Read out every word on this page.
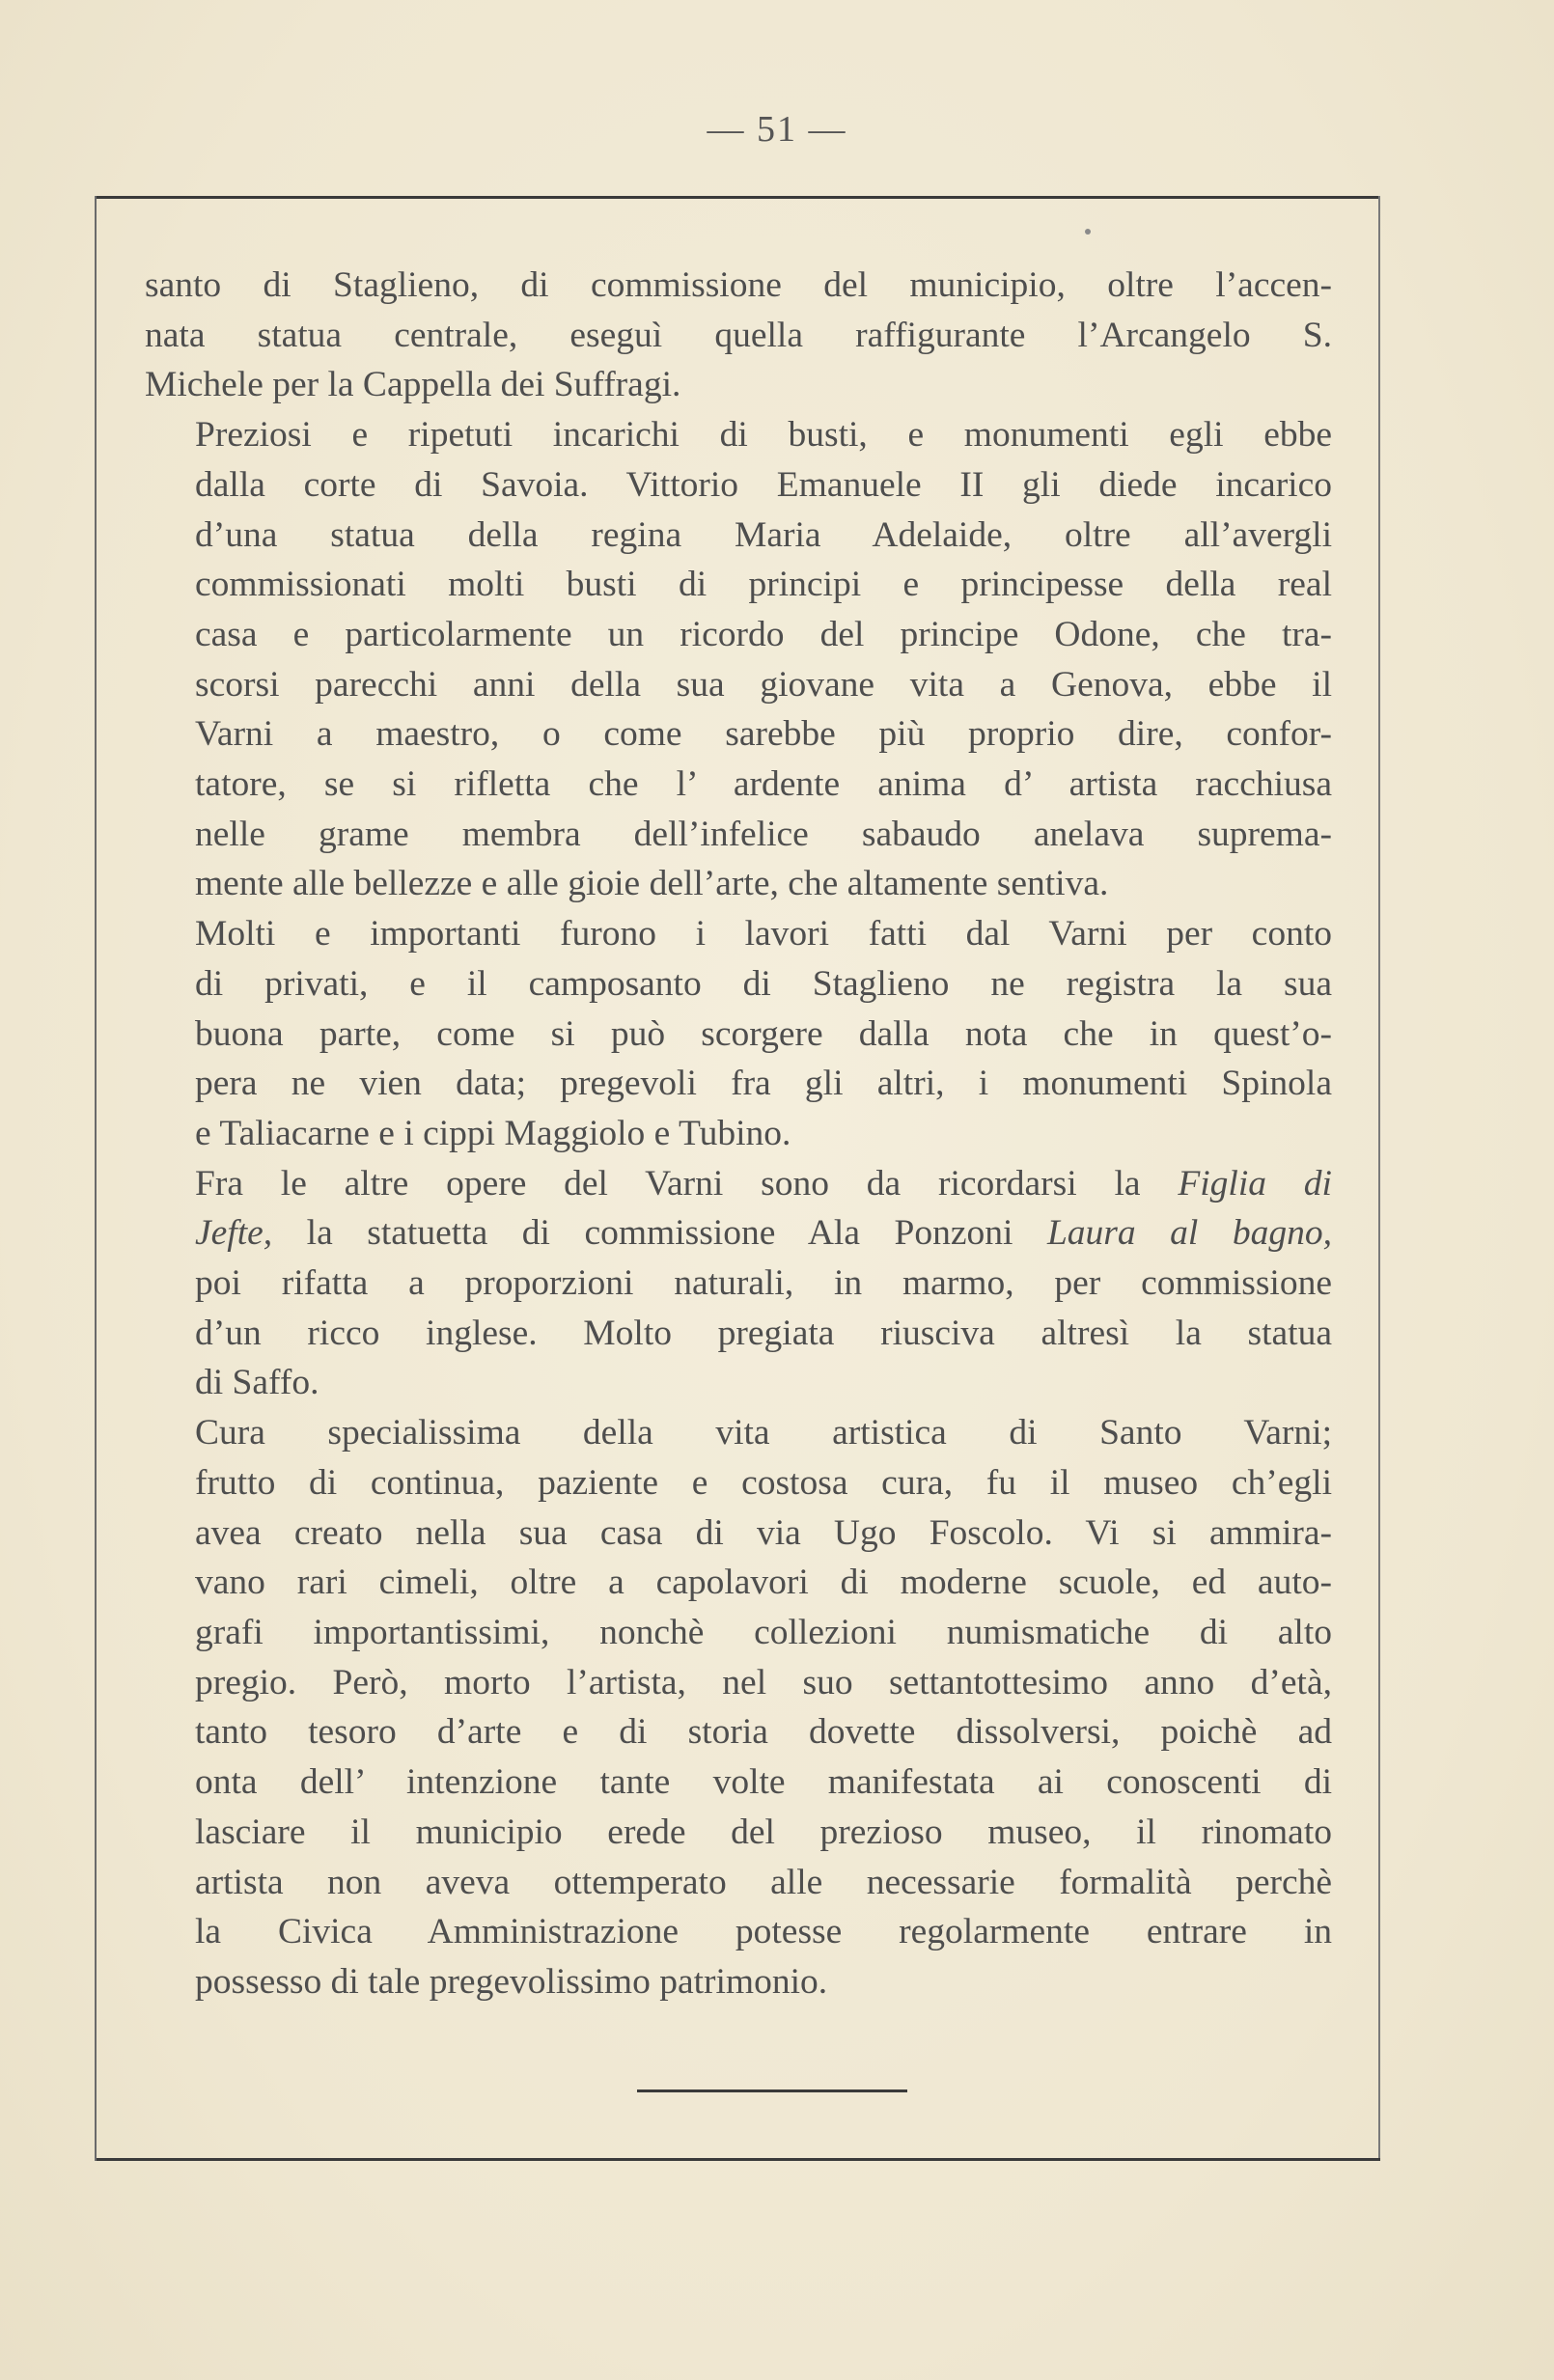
— 51 —
santo di Staglieno, di commissione del municipio, oltre l’accen-
nata statua centrale, eseguì quella raffigurante l’Arcangelo S.
Michele per la Cappella dei Suffragi.
Preziosi e ripetuti incarichi di busti, e monumenti egli ebbe
dalla corte di Savoia. Vittorio Emanuele II gli diede incarico
d’una statua della regina Maria Adelaide, oltre all’avergli
commissionati molti busti di principi e principesse della real
casa e particolarmente un ricordo del principe Odone, che tra-
scorsi parecchi anni della sua giovane vita a Genova, ebbe il
Varni a maestro, o come sarebbe più proprio dire, confor-
tatore, se si rifletta che l’ ardente anima d’ artista racchiusa
nelle grame membra dell’infelice sabaudo anelava suprema-
mente alle bellezze e alle gioie dell’arte, che altamente sentiva.
Molti e importanti furono i lavori fatti dal Varni per conto
di privati, e il camposanto di Staglieno ne registra la sua
buona parte, come si può scorgere dalla nota che in quest’o-
pera ne vien data; pregevoli fra gli altri, i monumenti Spinola
e Taliacarne e i cippi Maggiolo e Tubino.
Fra le altre opere del Varni sono da ricordarsi la Figlia di
Jefte, la statuetta di commissione Ala Ponzoni Laura al bagno,
poi rifatta a proporzioni naturali, in marmo, per commissione
d’un ricco inglese. Molto pregiata riusciva altresì la statua
di Saffo.
Cura specialissima della vita artistica di Santo Varni;
frutto di continua, paziente e costosa cura, fu il museo ch’egli
avea creato nella sua casa di via Ugo Foscolo. Vi si ammira-
vano rari cimeli, oltre a capolavori di moderne scuole, ed auto-
grafi importantissimi, nonchè collezioni numismatiche di alto
pregio. Però, morto l’artista, nel suo settantottesimo anno d’età,
tanto tesoro d’arte e di storia dovette dissolversi, poichè ad
onta dell’ intenzione tante volte manifestata ai conoscenti di
lasciare il municipio erede del prezioso museo, il rinomato
artista non aveva ottemperato alle necessarie formalità perchè
la Civica Amministrazione potesse regolarmente entrare in
possesso di tale pregevolissimo patrimonio.
